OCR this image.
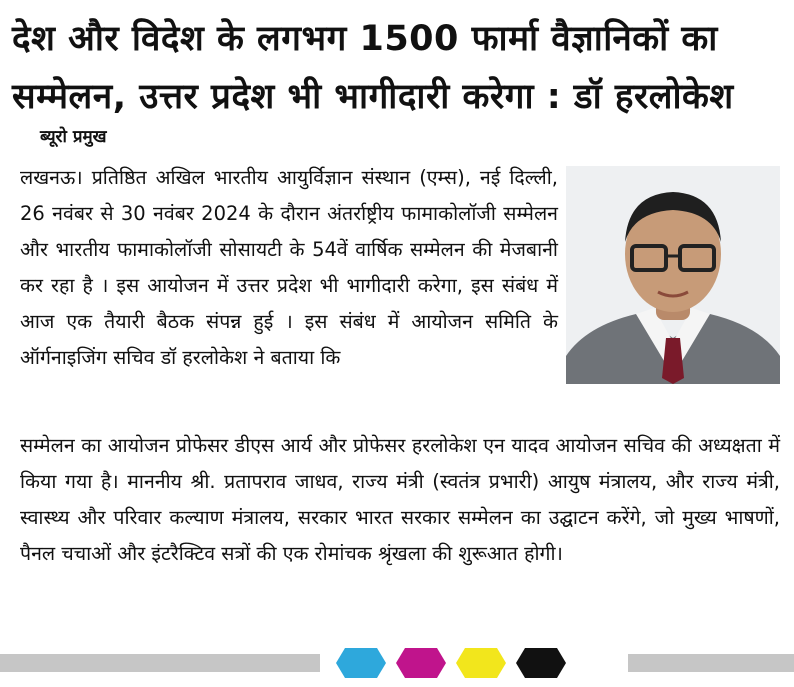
देश और विदेश के लगभग 1500 फार्मा वैज्ञानिकों का
सम्मेलन, उत्तर प्रदेश भी भागीदारी करेगा : डॉ हरलोकेश
ब्यूरो प्रमुख
लखनऊ। प्रतिष्ठित अखिल भारतीय आयुर्विज्ञान संस्थान (एम्स), नई दिल्ली, 26 नवंबर से 30 नवंबर 2024 के दौरान अंतर्राष्ट्रीय फामाकोलॉजी सम्मेलन और भारतीय फामाकोलॉजी सोसायटी के 54वें वार्षिक सम्मेलन की मेजबानी कर रहा है । इस आयोजन में उत्तर प्रदेश भी भागीदारी करेगा, इस संबंध में आज एक तैयारी बैठक संपन्न हुई । इस संबंध में आयोजन समिति के ऑर्गनाइजिंग सचिव डॉ हरलोकेश ने बताया कि
सम्मेलन का आयोजन प्रोफेसर डीएस आर्य और प्रोफेसर हरलोकेश एन यादव आयोजन सचिव की अध्यक्षता में किया गया है। माननीय श्री. प्रतापराव जाधव, राज्य मंत्री (स्वतंत्र प्रभारी) आयुष मंत्रालय, और राज्य मंत्री, स्वास्थ्य और परिवार कल्याण मंत्रालय, सरकार भारत सरकार सम्मेलन का उद्घाटन करेंगे, जो मुख्य भाषणों, पैनल चचाओं और इंटरैक्टिव सत्रों की एक रोमांचक श्रृंखला की शुरूआत होगी।
